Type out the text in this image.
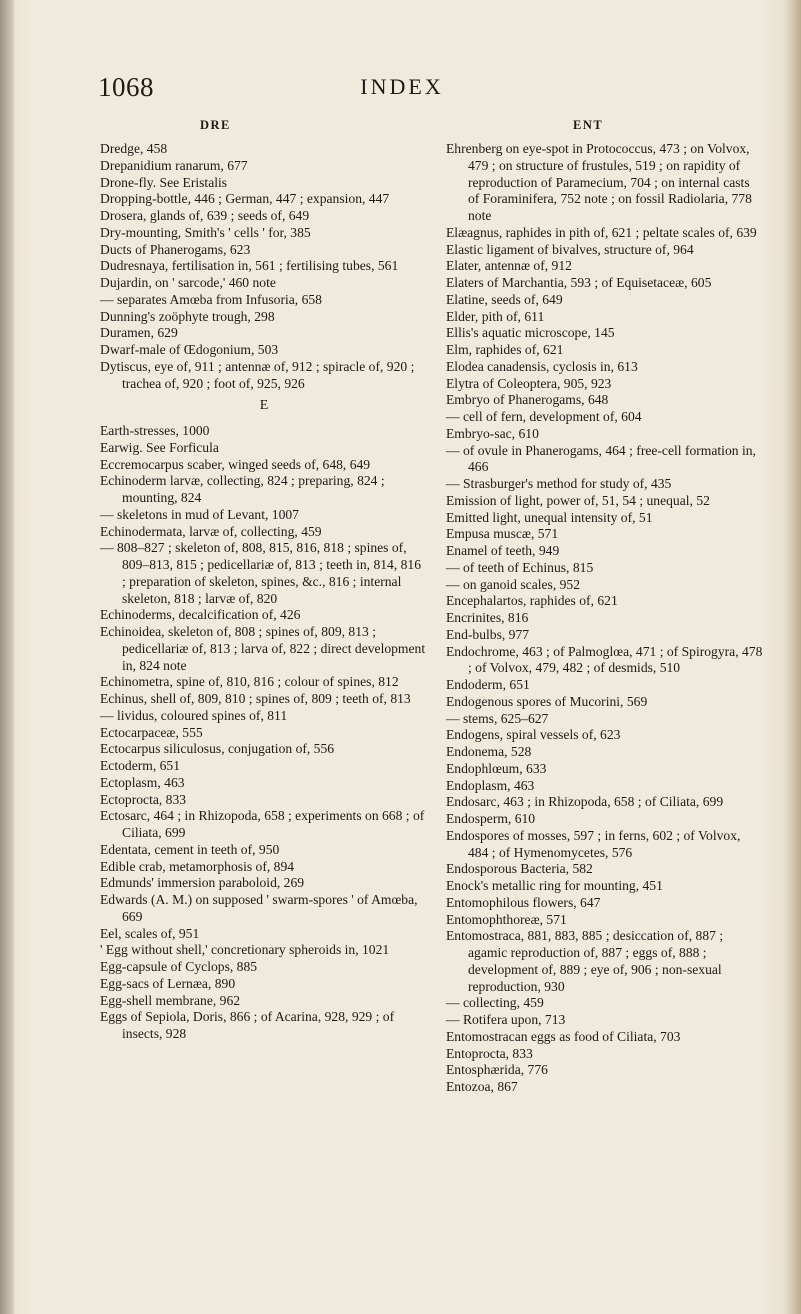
1068	INDEX
DRE	ENT
Dredge, 458
Drepanidium ranarum, 677
Drone-fly. See Eristalis
Dropping-bottle, 446 ; German, 447 ; expansion, 447
Drosera, glands of, 639 ; seeds of, 649
Dry-mounting, Smith's ' cells ' for, 385
Ducts of Phanerogams, 623
Dudresnaya, fertilisation in, 561 ; fertilising tubes, 561
Dujardin, on ' sarcode,' 460 note
— separates Amœba from Infusoria, 658
Dunning's zoöphyte trough, 298
Duramen, 629
Dwarf-male of Œdogonium, 503
Dytiscus, eye of, 911 ; antennæ of, 912 ; spiracle of, 920 ; trachea of, 920 ; foot of, 925, 926
E
Earth-stresses, 1000
Earwig. See Forficula
Eccremocarpus scaber, winged seeds of, 648, 649
Echinoderm larvæ, collecting, 824 ; preparing, 824 ; mounting, 824
— skeletons in mud of Levant, 1007
Echinodermata, larvæ of, collecting, 459
— 808–827 ; skeleton of, 808, 815, 816, 818 ; spines of, 809–813, 815 ; pedicellariæ of, 813 ; teeth in, 814, 816 ; preparation of skeleton, spines, &c., 816 ; internal skeleton, 818 ; larvæ of, 820
Echinoderms, decalcification of, 426
Echinoidea, skeleton of, 808 ; spines of, 809, 813 ; pedicellariæ of, 813 ; larva of, 822 ; direct development in, 824 note
Echinometra, spine of, 810, 816 ; colour of spines, 812
Echinus, shell of, 809, 810 ; spines of, 809 ; teeth of, 813
— lividus, coloured spines of, 811
Ectocarpaceæ, 555
Ectocarpus siliculosus, conjugation of, 556
Ectoderm, 651
Ectoplasm, 463
Ectoprocta, 833
Ectosarc, 464 ; in Rhizopoda, 658 ; experiments on 668 ; of Ciliata, 699
Edentata, cement in teeth of, 950
Edible crab, metamorphosis of, 894
Edmunds' immersion paraboloid, 269
Edwards (A. M.) on supposed ' swarm-spores ' of Amœba, 669
Eel, scales of, 951
' Egg without shell,' concretionary spheroids in, 1021
Egg-capsule of Cyclops, 885
Egg-sacs of Lernæa, 890
Egg-shell membrane, 962
Eggs of Sepiola, Doris, 866 ; of Acarina, 928, 929 ; of insects, 928
Ehrenberg on eye-spot in Protococcus, 473 ; on Volvox, 479 ; on structure of frustules, 519 ; on rapidity of reproduction of Paramecium, 704 ; on internal casts of Foraminifera, 752 note ; on fossil Radiolaria, 778 note
Elæagnus, raphides in pith of, 621 ; peltate scales of, 639
Elastic ligament of bivalves, structure of, 964
Elater, antennæ of, 912
Elaters of Marchantia, 593 ; of Equisetaceæ, 605
Elatine, seeds of, 649
Elder, pith of, 611
Ellis's aquatic microscope, 145
Elm, raphides of, 621
Elodea canadensis, cyclosis in, 613
Elytra of Coleoptera, 905, 923
Embryo of Phanerogams, 648
— cell of fern, development of, 604
Embryo-sac, 610
— of ovule in Phanerogams, 464 ; free-cell formation in, 466
— Strasburger's method for study of, 435
Emission of light, power of, 51, 54 ; unequal, 52
Emitted light, unequal intensity of, 51
Empusa muscæ, 571
Enamel of teeth, 949
— of teeth of Echinus, 815
— on ganoid scales, 952
Encephalartos, raphides of, 621
Encrinites, 816
End-bulbs, 977
Endochrome, 463 ; of Palmoglœa, 471 ; of Spirogyra, 478 ; of Volvox, 479, 482 ; of desmids, 510
Endoderm, 651
Endogenous spores of Mucorini, 569
— stems, 625–627
Endogens, spiral vessels of, 623
Endonema, 528
Endophlœum, 633
Endoplasm, 463
Endosarc, 463 ; in Rhizopoda, 658 ; of Ciliata, 699
Endosperm, 610
Endospores of mosses, 597 ; in ferns, 602 ; of Volvox, 484 ; of Hymenomycetes, 576
Endosporous Bacteria, 582
Enock's metallic ring for mounting, 451
Entomophilous flowers, 647
Entomophthoreæ, 571
Entomostraca, 881, 883, 885 ; desiccation of, 887 ; agamic reproduction of, 887 ; eggs of, 888 ; development of, 889 ; eye of, 906 ; non-sexual reproduction, 930
— collecting, 459
— Rotifera upon, 713
Entomostracan eggs as food of Ciliata, 703
Entoprocta, 833
Entosphærida, 776
Entozoa, 867
